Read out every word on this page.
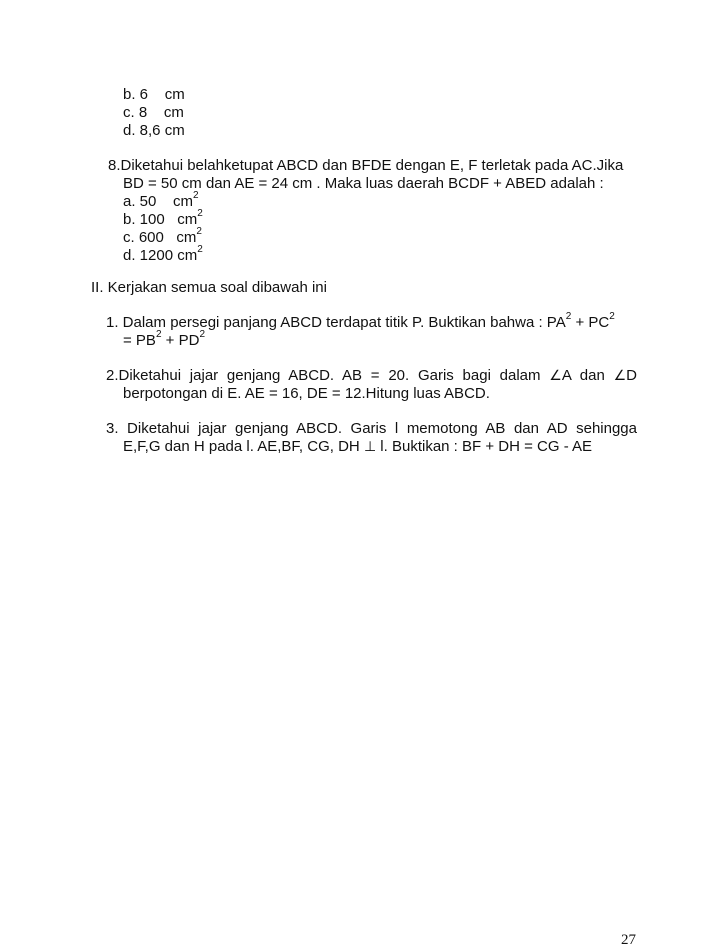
b. 6    cm
c. 8    cm
d. 8,6 cm
8.Diketahui belahketupat ABCD dan BFDE dengan E, F terletak pada AC.Jika
BD = 50 cm dan AE = 24 cm . Maka luas daerah BCDF + ABED adalah :
a. 50    $cm^2$
b. 100   $cm^2$
c. 600   $cm^2$
d. 1200 $cm^2$
II. Kerjakan semua soal dibawah ini
1. Dalam persegi panjang ABCD terdapat titik P. Buktikan bahwa : $PA^2 + PC^2$
= $PB^2 + PD^2$
2.Diketahui jajar genjang ABCD. AB = 20. Garis bagi dalam ∠A dan ∠D
berpotongan di E. AE = 16, DE = 12.Hitung luas ABCD.
3. Diketahui jajar genjang ABCD. Garis l memotong AB dan AD sehingga
E,F,G dan H pada l. AE,BF, CG, DH ⊥ l. Buktikan : BF + DH = CG - AE
27
